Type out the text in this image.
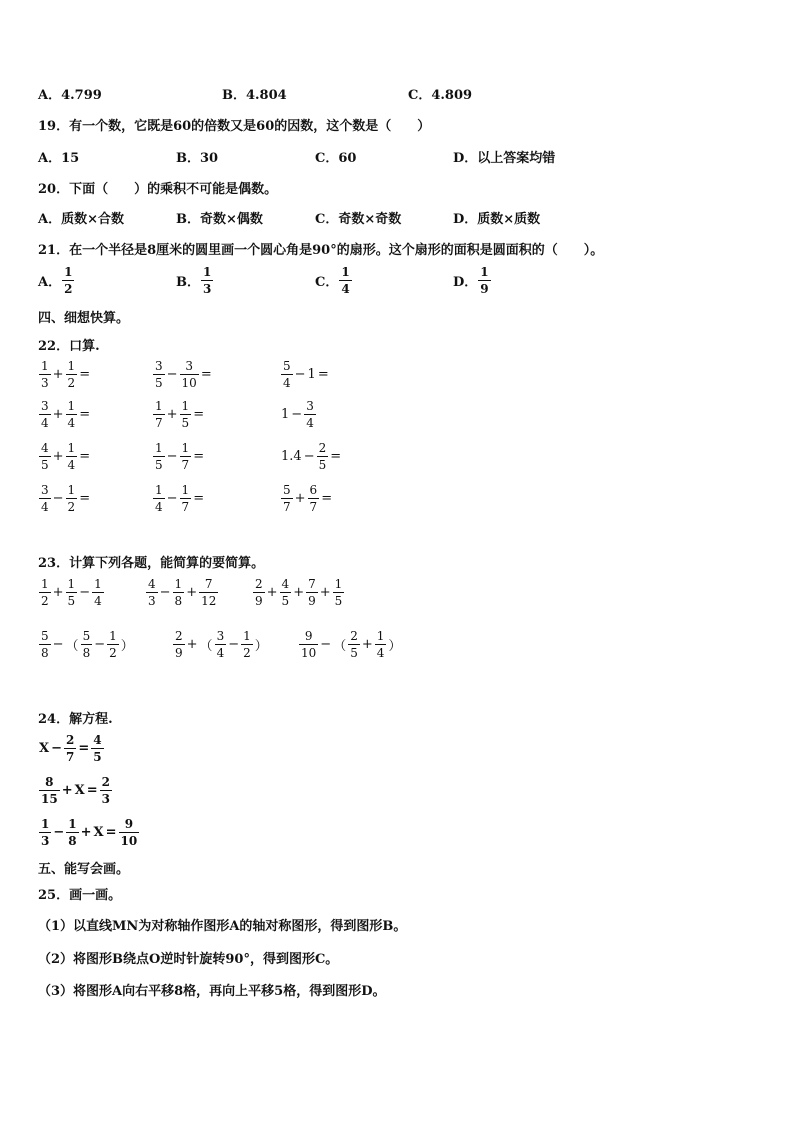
A．4.799	B．4.804	C．4.809
19．有一个数，它既是60的倍数又是60的因数，这个数是（　　）
A．15	B．30	C．60	D．以上答案均错
20．下面（　　）的乘积不可能是偶数。
A．质数×合数	B．奇数×偶数	C．奇数×奇数	D．质数×质数
21．在一个半径是8厘米的圆里画一个圆心角是90°的扇形。这个扇形的面积是圆面积的（　　）。
A． $\frac{1}{2}$	B． $\frac{1}{3}$	C． $\frac{1}{4}$	D． $\frac{1}{9}$
四、细想快算。
22．口算.
$\frac{1}{3} + \frac{1}{2}$ =	$\frac{3}{5} - \frac{3}{10}$ =	$\frac{5}{4} - 1$ =
$\frac{3}{4} + \frac{1}{4}$ =	$\frac{1}{7} + \frac{1}{5}$ =	$1 - \frac{3}{4}$
$\frac{4}{5} + \frac{1}{4}$ =	$\frac{1}{5} - \frac{1}{7}$ =	$1.4 - \frac{2}{5}$ =
$\frac{3}{4} - \frac{1}{2}$ =	$\frac{1}{4} - \frac{1}{7}$ =	$\frac{5}{7} + \frac{6}{7}$ =
23．计算下列各题，能简算的要简算。
$\frac{1}{2} + \frac{1}{5} - \frac{1}{4}$	$\frac{4}{3} - \frac{1}{8} + \frac{7}{12}$	$\frac{2}{9} + \frac{4}{5} + \frac{7}{9} + \frac{1}{5}$
$\frac{5}{8}$ − （ $\frac{5}{8} - \frac{1}{2}$ ）	$\frac{2}{9}$ + （ $\frac{3}{4} - \frac{1}{2}$ ）	$\frac{9}{10}$ − （ $\frac{2}{5} + \frac{1}{4}$ ）
24．解方程.
$X - \frac{2}{7} = \frac{4}{5}$
$\frac{8}{15} + X = \frac{2}{3}$
$\frac{1}{3} - \frac{1}{8} + X = \frac{9}{10}$
五、能写会画。
25．画一画。
（1）以直线MN为对称轴作图形A的轴对称图形，得到图形B。
（2）将图形B绕点O逆时针旋转90°，得到图形C。
（3）将图形A向右平移8格，再向上平移5格，得到图形D。
